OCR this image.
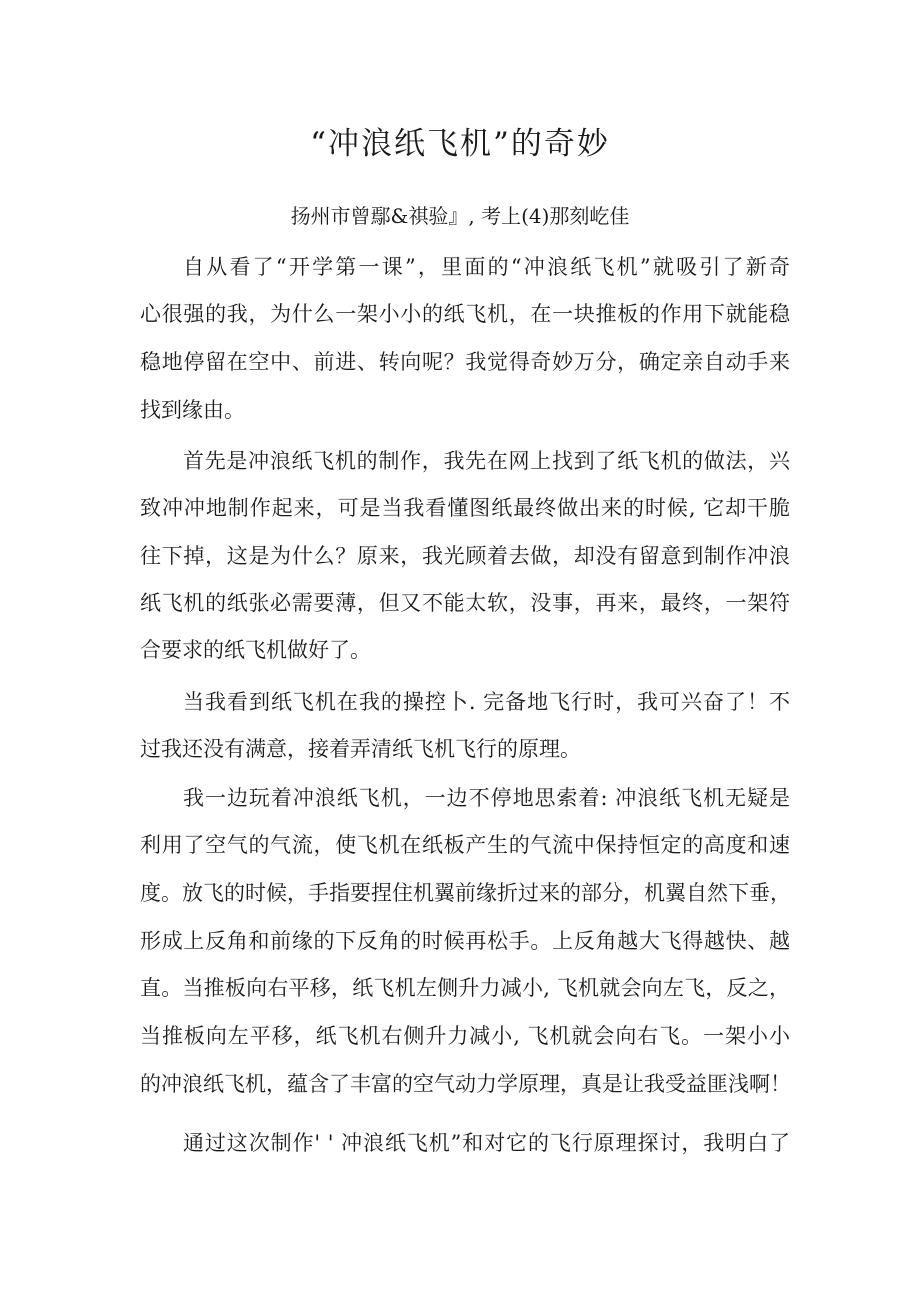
“冲浪纸飞机”的奇妙
扬州市曾鄢&祺验』, 考上(4)那刻屹佳
自从看了“开学第一课”，里面的“冲浪纸飞机”就吸引了新奇
心很强的我，为什么一架小小的纸飞机，在一块推板的作用下就能稳
稳地停留在空中、前进、转向呢？我觉得奇妙万分，确定亲自动手来
找到缘由。
首先是冲浪纸飞机的制作，我先在网上找到了纸飞机的做法，兴
致冲冲地制作起来，可是当我看懂图纸最终做出来的时候, 它却干脆
往下掉，这是为什么？原来，我光顾着去做，却没有留意到制作冲浪
纸飞机的纸张必需要薄，但又不能太软，没事，再来，最终，一架符
合要求的纸飞机做好了。
当我看到纸飞机在我的操控卜. 完备地飞行时，我可兴奋了！不
过我还没有满意，接着弄清纸飞机飞行的原理。
我一边玩着冲浪纸飞机，一边不停地思索着: 冲浪纸飞机无疑是
利用了空气的气流，使飞机在纸板产生的气流中保持恒定的高度和速
度。放飞的时候，手指要捏住机翼前缘折过来的部分，机翼自然下垂，
形成上反角和前缘的下反角的时候再松手。上反角越大飞得越快、越
直。当推板向右平移，纸飞机左侧升力减小, 飞机就会向左飞，反之，
当推板向左平移，纸飞机右侧升力减小, 飞机就会向右飞。一架小小
的冲浪纸飞机，蕴含了丰富的空气动力学原理，真是让我受益匪浅啊！
通过这次制作' ' 冲浪纸飞机”和对它的飞行原理探讨，我明白了
